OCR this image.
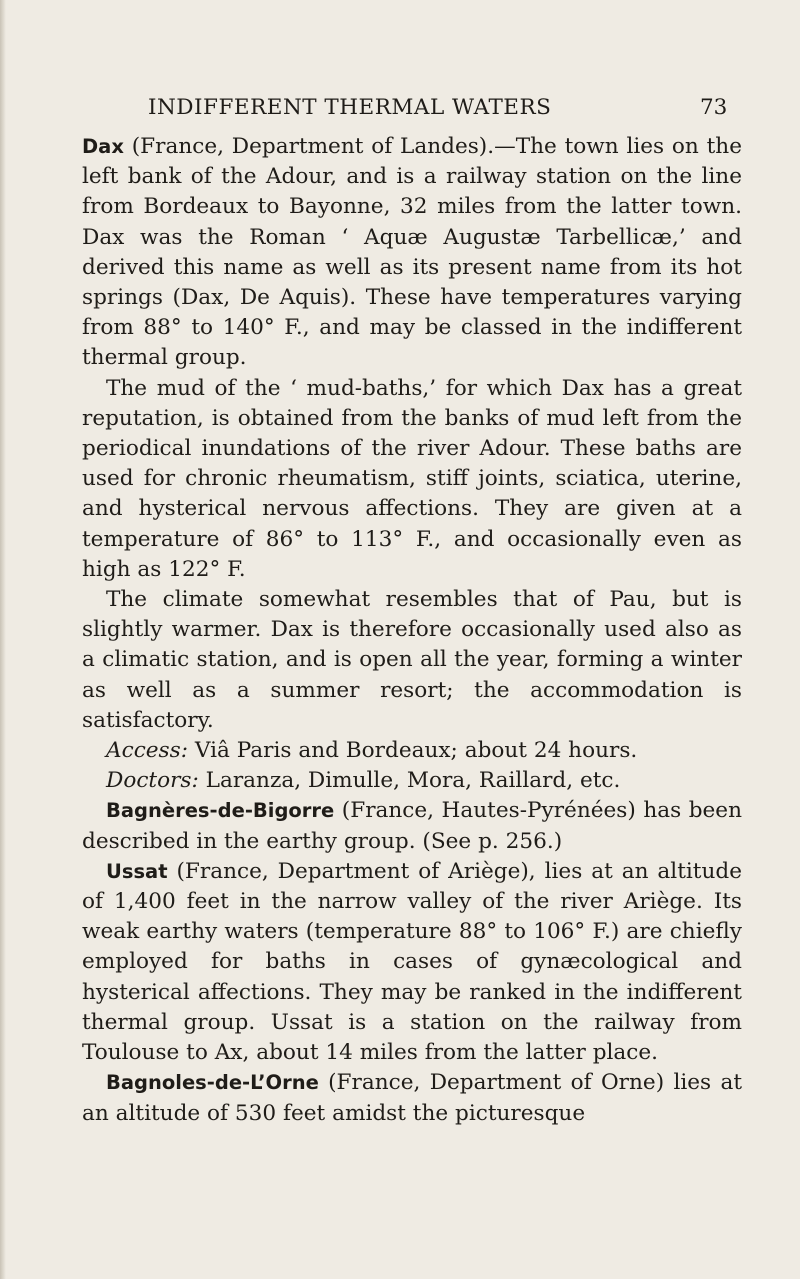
INDIFFERENT THERMAL WATERS	73

Dax (France, Department of Landes).—The town lies on the left bank of the Adour, and is a railway station on the line from Bordeaux to Bayonne, 32 miles from the latter town. Dax was the Roman ‘ Aquæ Augustæ Tarbellicæ,’ and derived this name as well as its present name from its hot springs (Dax, De Aquis). These have temperatures varying from 88° to 140° F., and may be classed in the indifferent thermal group.

The mud of the ‘ mud-baths,’ for which Dax has a great reputation, is obtained from the banks of mud left from the periodical inundations of the river Adour. These baths are used for chronic rheumatism, stiff joints, sciatica, uterine, and hysterical nervous affections. They are given at a temperature of 86° to 113° F., and occasionally even as high as 122° F.

The climate somewhat resembles that of Pau, but is slightly warmer. Dax is therefore occasionally used also as a climatic station, and is open all the year, forming a winter as well as a summer resort; the accommodation is satisfactory.

Access: Viâ Paris and Bordeaux; about 24 hours.

Doctors: Laranza, Dimulle, Mora, Raillard, etc.

Bagnères-de-Bigorre (France, Hautes-Pyrénées) has been described in the earthy group. (See p. 256.)

Ussat (France, Department of Ariège), lies at an altitude of 1,400 feet in the narrow valley of the river Ariège. Its weak earthy waters (temperature 88° to 106° F.) are chiefly employed for baths in cases of gynæcological and hysterical affections. They may be ranked in the indifferent thermal group. Ussat is a station on the railway from Toulouse to Ax, about 14 miles from the latter place.

Bagnoles-de-L’Orne (France, Department of Orne) lies at an altitude of 530 feet amidst the picturesque
